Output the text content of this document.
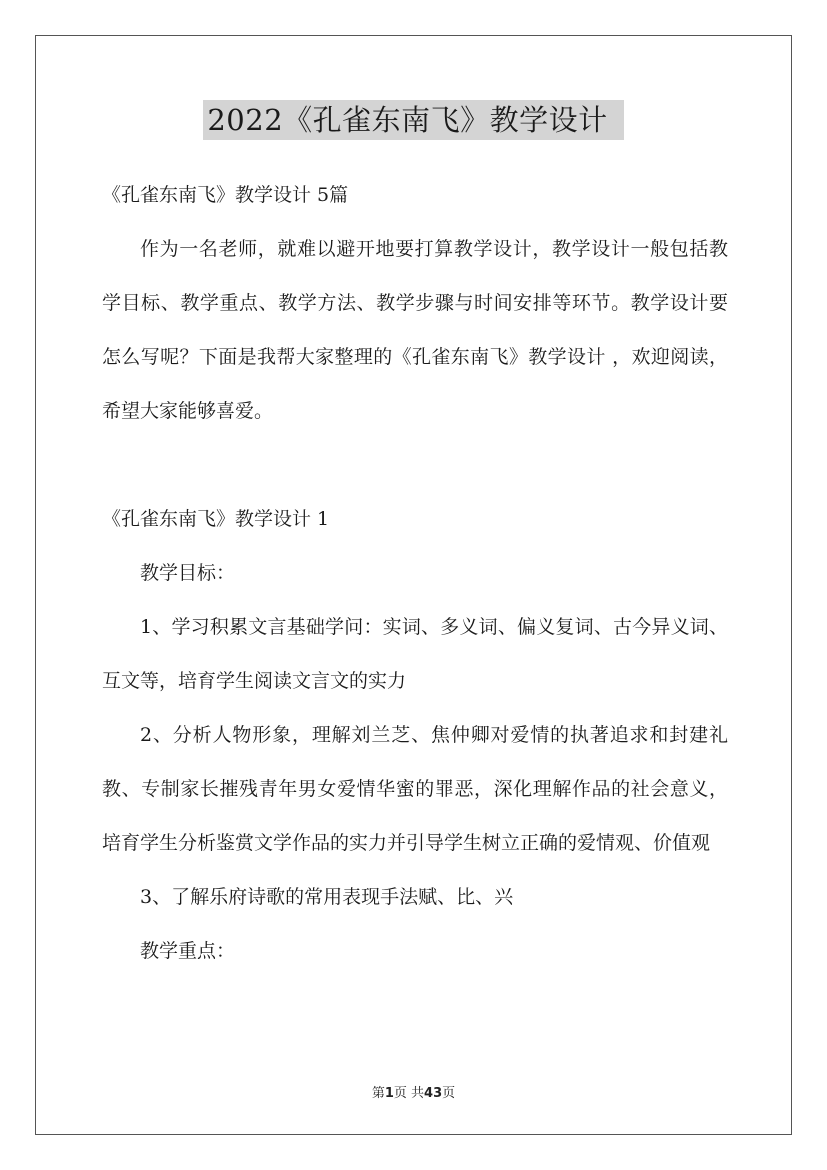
2022《孔雀东南飞》教学设计

《孔雀东南飞》教学设计 5篇

作为一名老师，就难以避开地要打算教学设计，教学设计一般包括教学目标、教学重点、教学方法、教学步骤与时间安排等环节。教学设计要怎么写呢？下面是我帮大家整理的《孔雀东南飞》教学设计 ，欢迎阅读，希望大家能够喜爱。

《孔雀东南飞》教学设计 1

教学目标：

1、学习积累文言基础学问：实词、多义词、偏义复词、古今异义词、互文等，培育学生阅读文言文的实力

2、分析人物形象，理解刘兰芝、焦仲卿对爱情的执著追求和封建礼教、专制家长摧残青年男女爱情华蜜的罪恶，深化理解作品的社会意义，培育学生分析鉴赏文学作品的实力并引导学生树立正确的爱情观、价值观

3、了解乐府诗歌的常用表现手法赋、比、兴

教学重点：

第1页 共43页
